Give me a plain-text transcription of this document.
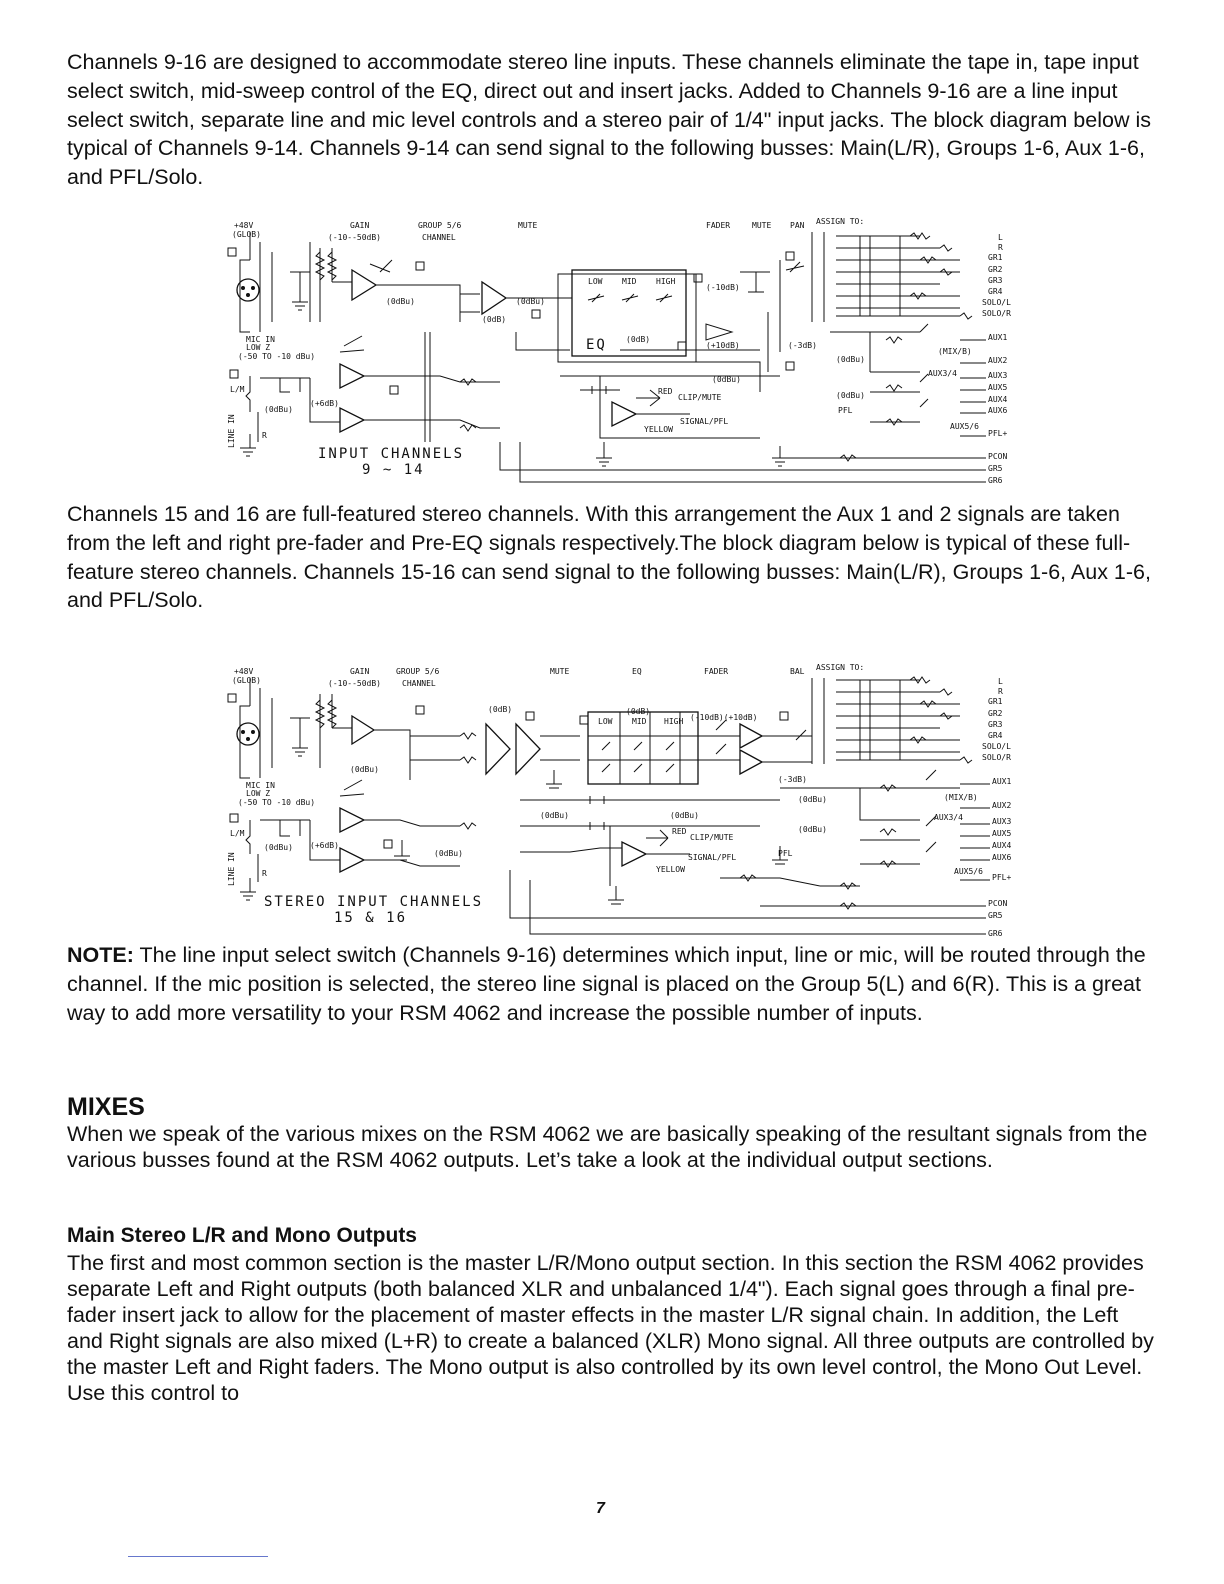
Channels 9-16 are designed to accommodate stereo line inputs. These channels eliminate the tape in, tape input select switch, mid-sweep control of the EQ, direct out and insert jacks. Added to Channels 9-16 are a line input select switch, separate line and mic level controls and a stereo pair of 1/4" input jacks. The block diagram below is typical of Channels 9-14. Channels 9-14 can send signal to the following busses: Main(L/R), Groups 1-6, Aux 1-6, and PFL/Solo.

+48V
(GLOB)
GAIN
(-10--50dB)
GROUP 5/6
CHANNEL
MUTE	FADER	MUTE PAN ASSIGN TO:
LOW MID HIGH
EQ (0dB)
MIC IN
LOW Z
(-50 TO -10 dBu)
L/M
LINE IN	R
(0dBu)
(+6dB)
(0dBu)	(0dBu)
(0dB)
(-10dB)
(+10dB)	(-3dB)
(0dBu)
(0dBu)
(0dBu)
RED
CLIP/MUTE
YELLOW
SIGNAL/PFL
PFL
(MIX/B)
AUX3/4
AUX5/6
INPUT CHANNELS
9 ~ 14
L
R
GR1
GR2
GR3
GR4
SOLO/L
SOLO/R
AUX1
AUX2
AUX3
AUX5
AUX4
AUX6
PFL+
PCON
GR5
GR6

Channels 15 and 16 are full-featured stereo channels. With this arrangement the Aux 1 and 2 signals are taken from the left and right pre-fader and Pre-EQ signals respectively.The block diagram below is typical of these full-feature stereo channels. Channels 15-16 can send signal to the following busses: Main(L/R), Groups 1-6, Aux 1-6, and PFL/Solo.

+48V
(GLOB)
GAIN
(-10--50dB)
GROUP 5/6
CHANNEL
MUTE	EQ	FADER	BAL ASSIGN TO:
LOW MID HIGH
(0dB)	(0dB)
(-10dB)(+10dB)
(-3dB)
MIC IN
LOW Z
(-50 TO -10 dBu)
L/M
LINE IN	R
(0dBu) (+6dB)
(0dBu)
(0dBu)
(0dBu)	(0dBu)
(0dBu)
(0dBu)
RED
CLIP/MUTE
YELLOW
SIGNAL/PFL	PFL
(MIX/B)
AUX3/4
AUX5/6
STEREO INPUT CHANNELS
15 & 16
L
R
GR1
GR2
GR3
GR4
SOLO/L
SOLO/R
AUX1
AUX2
AUX3
AUX5
AUX4
AUX6
PFL+
PCON
GR5
GR6

NOTE: The line input select switch (Channels 9-16) determines which input, line or mic, will be routed through the channel. If the mic position is selected, the stereo line signal is placed on the Group 5(L) and 6(R). This is a great way to add more versatility to your RSM 4062 and increase the possible number of inputs.

MIXES

When we speak of the various mixes on the RSM 4062 we are basically speaking of the resultant signals from the various busses found at the RSM 4062 outputs. Let’s take a look at the individual output sections.

Main Stereo L/R and Mono Outputs

The first and most common section is the master L/R/Mono output section. In this section the RSM 4062 provides separate Left and Right outputs (both balanced XLR and unbalanced 1/4"). Each signal goes through a final pre-fader insert jack to allow for the placement of master effects in the master L/R signal chain. In addition, the Left and Right signals are also mixed (L+R) to create a balanced (XLR) Mono signal. All three outputs are controlled by the master Left and Right faders. The Mono output is also controlled by its own level control, the Mono Out Level. Use this control to

7
